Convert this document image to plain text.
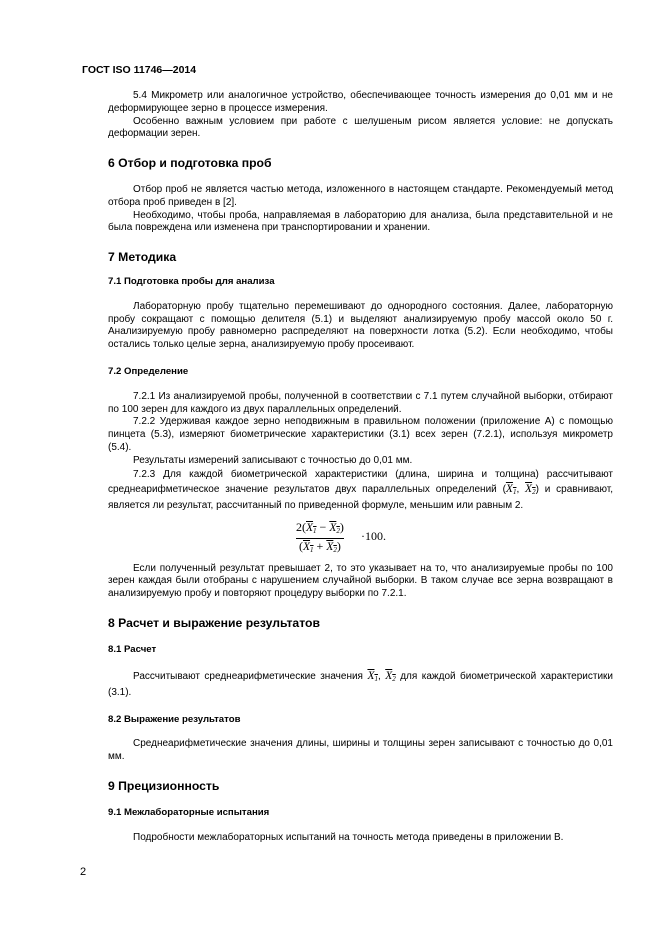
ГОСТ ISO 11746—2014

5.4 Микрометр или аналогичное устройство, обеспечивающее точность измерения до 0,01 мм и не деформирующее зерно в процессе измерения.

Особенно важным условием при работе с шелушеным рисом является условие: не допускать деформации зерен.

6 Отбор и подготовка проб

Отбор проб не является частью метода, изложенного в настоящем стандарте. Рекомендуемый метод отбора проб приведен в [2].

Необходимо, чтобы проба, направляемая в лабораторию для анализа, была представительной и не была повреждена или изменена при транспортировании и хранении.

7 Методика
7.1 Подготовка пробы для анализа

Лабораторную пробу тщательно перемешивают до однородного состояния. Далее, лабораторную пробу сокращают с помощью делителя (5.1) и выделяют анализируемую пробу массой около 50 г. Анализируемую пробу равномерно распределяют на поверхности лотка (5.2). Если необходимо, чтобы остались только целые зерна, анализируемую пробу просеивают.

7.2 Определение

7.2.1 Из анализируемой пробы, полученной в соответствии с 7.1 путем случайной выборки, отбирают по 100 зерен для каждого из двух параллельных определений.

7.2.2 Удерживая каждое зерно неподвижным в правильном положении (приложение А) с помощью пинцета (5.3), измеряют биометрические характеристики (3.1) всех зерен (7.2.1), используя микрометр (5.4).

Результаты измерений записывают с точностью до 0,01 мм.

7.2.3 Для каждой биометрической характеристики (длина, ширина и толщина) рассчитывают среднеарифметическое значение результатов двух параллельных определений ($X_1$, $X_2$) и сравнивают, является ли результат, рассчитанный по приведенной формуле, меньшим или равным 2.

$2(X_1 - X_2)$
$(X_1 + X_2)$
·100.

Если полученный результат превышает 2, то это указывает на то, что анализируемые пробы по 100 зерен каждая были отобраны с нарушением случайной выборки. В таком случае все зерна возвращают в анализируемую пробу и повторяют процедуру выборки по 7.2.1.

8 Расчет и выражение результатов
8.1 Расчет

Рассчитывают среднеарифметические значения $X_1$, $X_2$ для каждой биометрической характеристики (3.1).

8.2 Выражение результатов

Среднеарифметические значения длины, ширины и толщины зерен записывают с точностью до 0,01 мм.

9 Прецизионность
9.1 Межлабораторные испытания

Подробности межлабораторных испытаний на точность метода приведены в приложении В.

2
